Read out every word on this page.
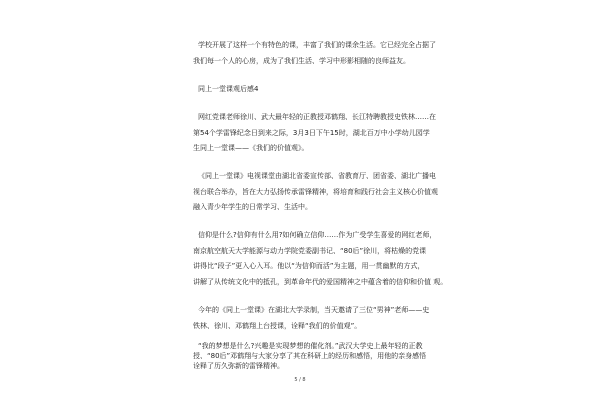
学校开展了这样一个有特色的课，丰富了我们的课余生活。它已经完全占据了
我们每一个人的心房，成为了我们生活、学习中形影相随的良师益友。
同上一堂课观后感4
网红党课老师徐川、武大最年轻的正教授邓鹤翔、长江特聘教授史铁林……在
第54个学雷锋纪念日到来之际，3月3日下午15时，湖北百万中小学幼儿园学
生同上一堂课——《我们的价值观》。
《同上一堂课》电视课堂由湖北省委宣传部、省教育厅、团省委、湖北广播电
视台联合举办，旨在大力弘扬传承雷锋精神，将培育和践行社会主义核心价值观
融入青少年学生的日常学习、生活中。
信仰是什么?信仰有什么用?如何确立信仰……作为广受学生喜爱的网红老师，
南京航空航天大学能源与动力学院党委副书记、“80后”徐川，将枯燥的党课
讲得比“段子”更入心入耳。他以“为信仰而活”为主题，用一贯幽默的方式，
讲解了从传统文化中的抵孔，到革命年代的爱国精神之中蕴含着的信仰和价值 观。
今年的《同上一堂课》在湖北大学录制，当天邀请了三位“男神”老师——史
铁林、徐川、邓鹤翔上台授课，诠释“我们的价值观”。
“我的梦想是什么?兴趣是实现梦想的催化剂。”武汉大学史上最年轻的正教
授、“80后”邓鹤翔与大家分享了其在科研上的经历和感悟，用他的亲身感悟
诠释了历久弥新的雷锋精神。
5 / 8
